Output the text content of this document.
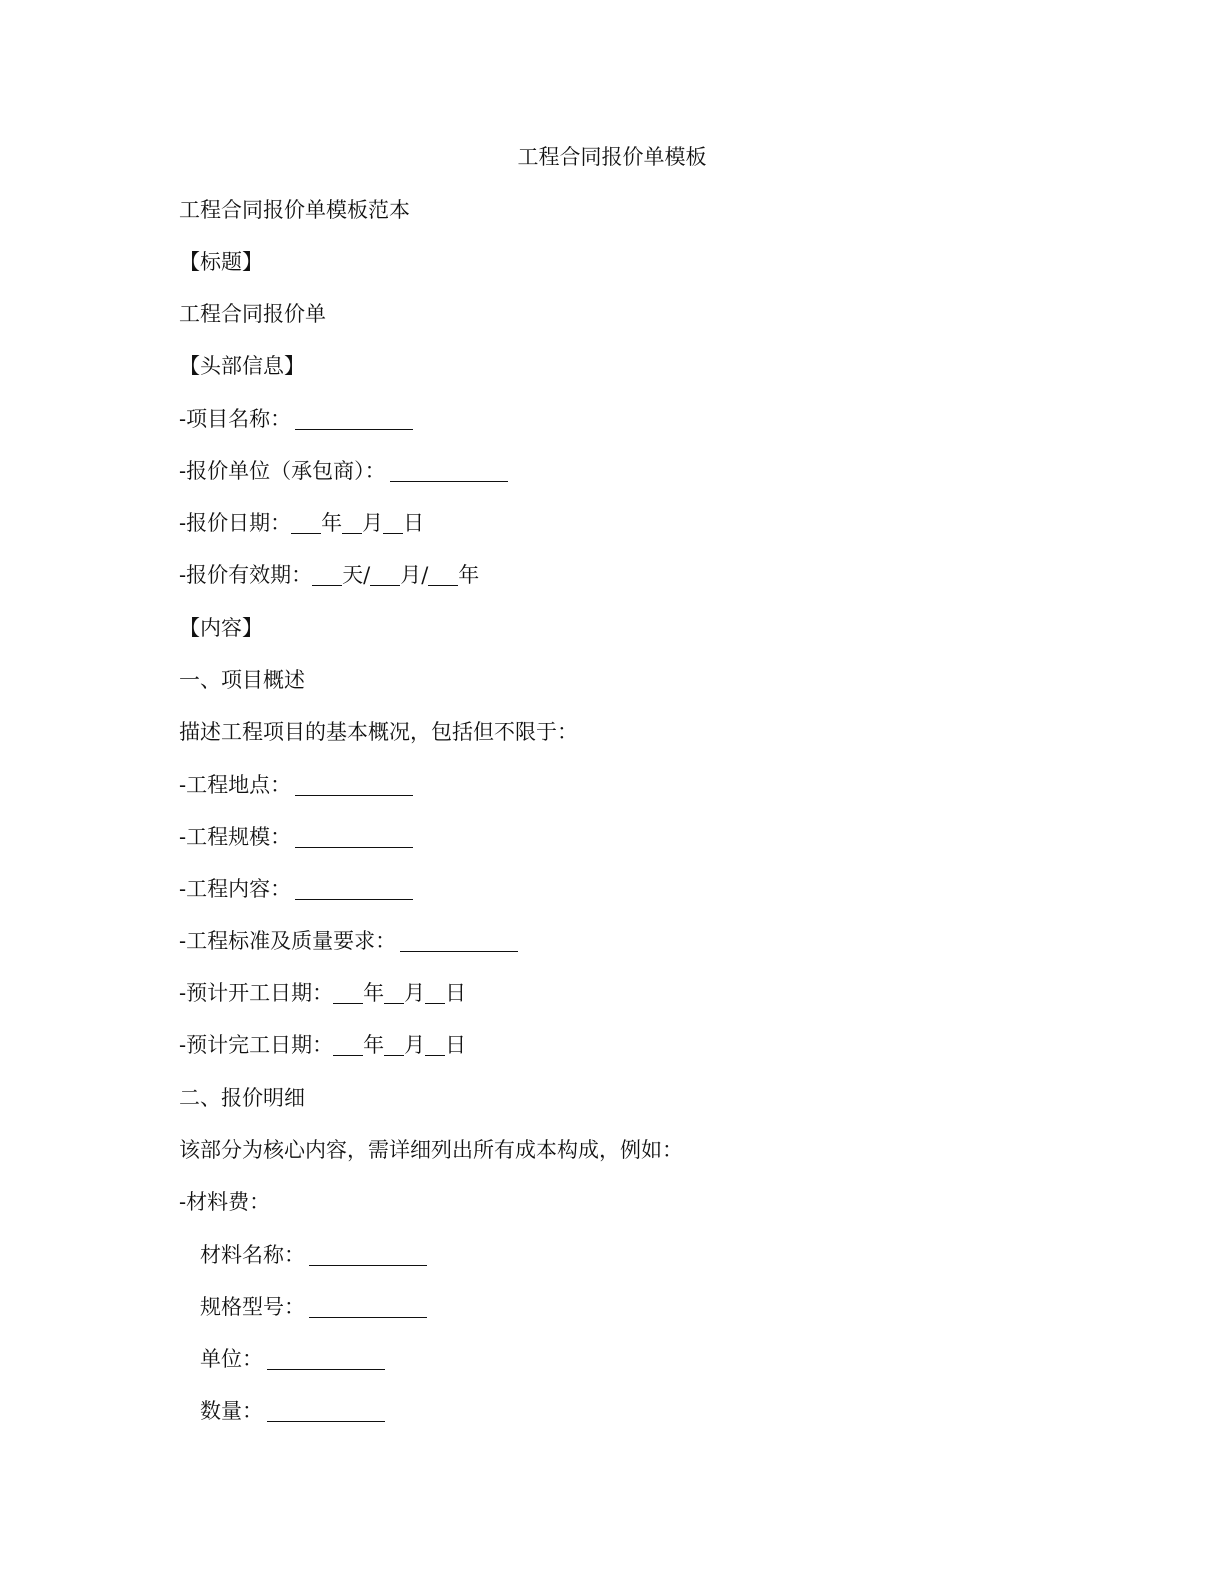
工程合同报价单模板
工程合同报价单模板范本
【标题】
工程合同报价单
【头部信息】
-项目名称：
-报价单位（承包商）：
-报价日期： 年 月 日
-报价有效期： 天/ 月/ 年
【内容】
一、项目概述
描述工程项目的基本概况，包括但不限于：
-工程地点：
-工程规模：
-工程内容：
-工程标准及质量要求：
-预计开工日期： 年 月 日
-预计完工日期： 年 月 日
二、报价明细
该部分为核心内容，需详细列出所有成本构成，例如：
-材料费：
材料名称：
规格型号：
单位：
数量：
